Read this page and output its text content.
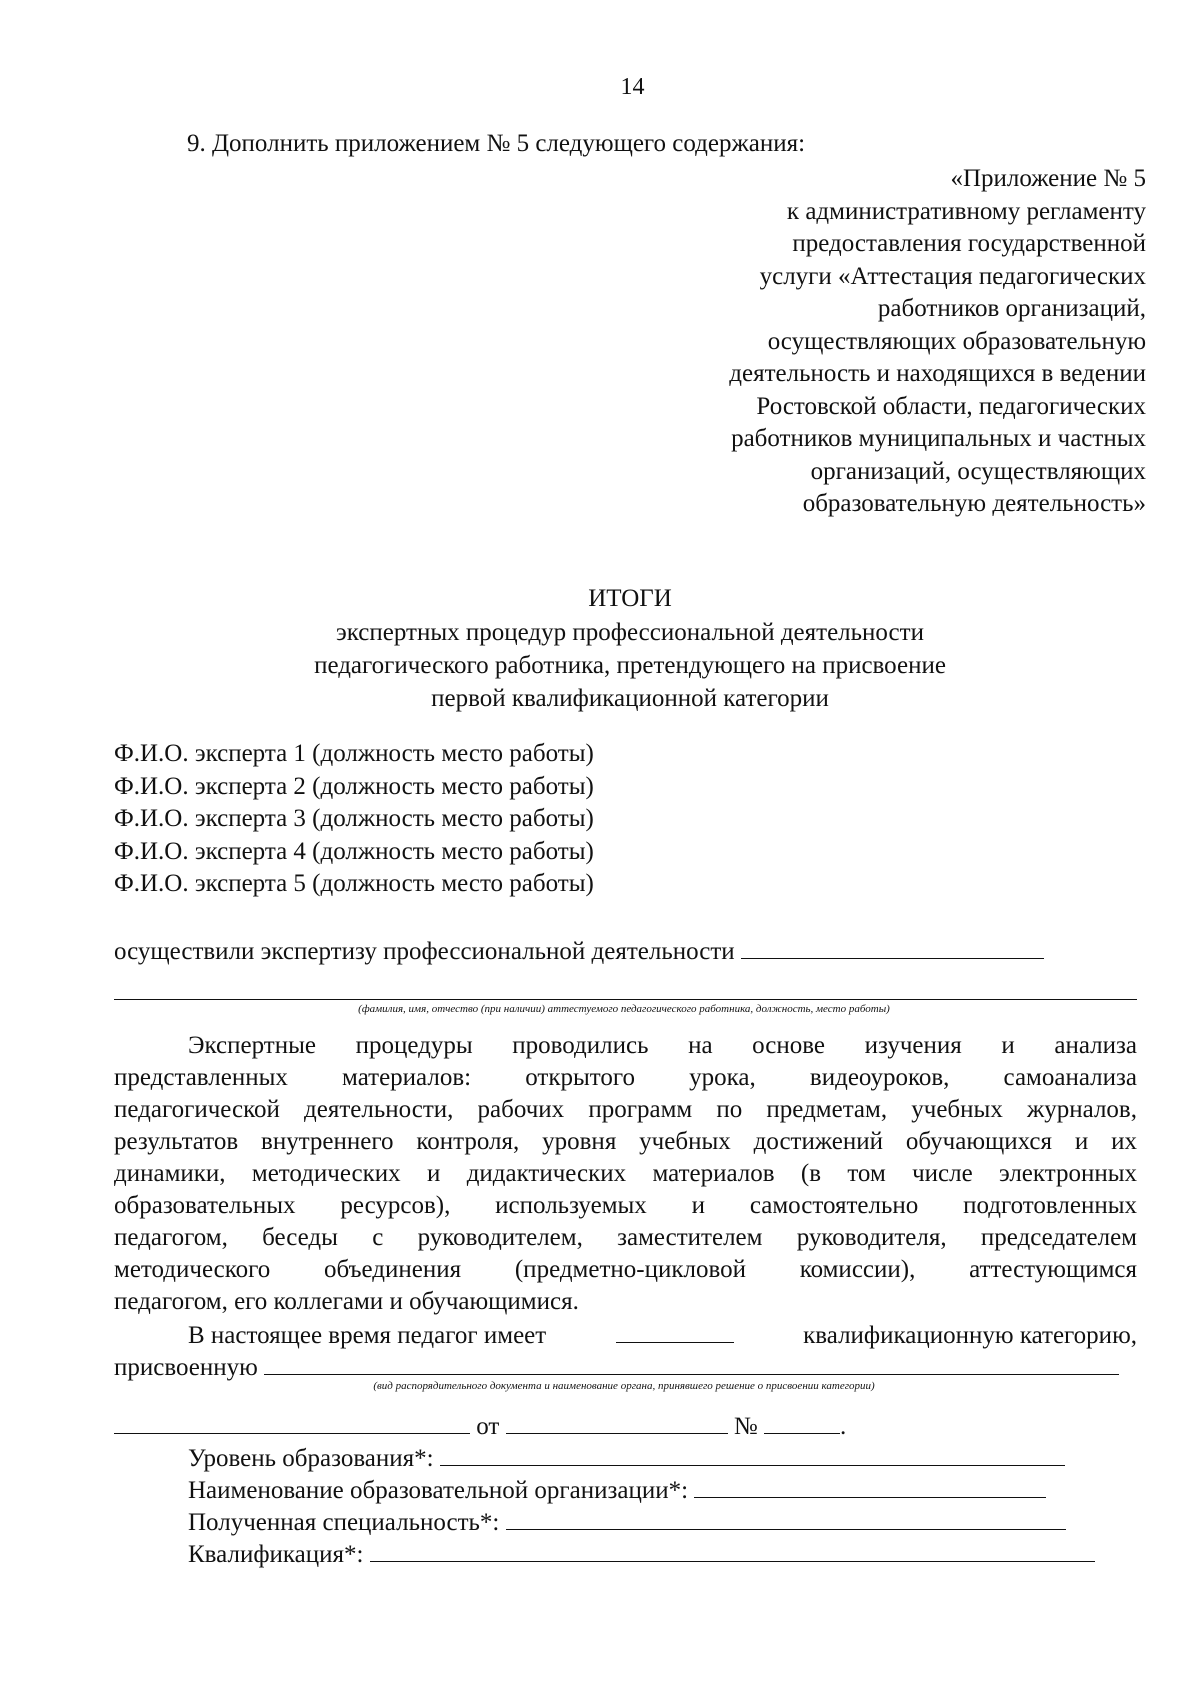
14
9. Дополнить приложением № 5 следующего содержания:
«Приложение № 5
к административному регламенту
предоставления государственной
услуги «Аттестация педагогических
работников организаций,
осуществляющих образовательную
деятельность и находящихся в ведении
Ростовской области, педагогических
работников муниципальных и частных
организаций, осуществляющих
образовательную деятельность»
ИТОГИ
экспертных процедур профессиональной деятельности
педагогического работника, претендующего на присвоение
первой квалификационной категории
Ф.И.О. эксперта 1 (должность место работы)
Ф.И.О. эксперта 2 (должность место работы)
Ф.И.О. эксперта 3 (должность место работы)
Ф.И.О. эксперта 4 (должность место работы)
Ф.И.О. эксперта 5 (должность место работы)
осуществили экспертизу профессиональной деятельности
(фамилия, имя, отчество (при наличии) аттестуемого педагогического работника, должность, место работы)
Экспертные процедуры проводились на основе изучения и анализа
представленных материалов: открытого урока, видеоуроков, самоанализа
педагогической деятельности, рабочих программ по предметам, учебных журналов,
результатов внутреннего контроля, уровня учебных достижений обучающихся и их
динамики, методических и дидактических материалов (в том числе электронных
образовательных ресурсов), используемых и самостоятельно подготовленных
педагогом, беседы с руководителем, заместителем руководителя, председателем
методического объединения (предметно-цикловой комиссии), аттестующимся
педагогом, его коллегами и обучающимися.
В настоящее время педагог имеет	квалификационную категорию,
присвоенную
(вид распорядительного документа и наименование органа, принявшего решение о присвоении категории)
от	№	.
Уровень образования*:
Наименование образовательной организации*:
Полученная специальность*:
Квалификация*:
